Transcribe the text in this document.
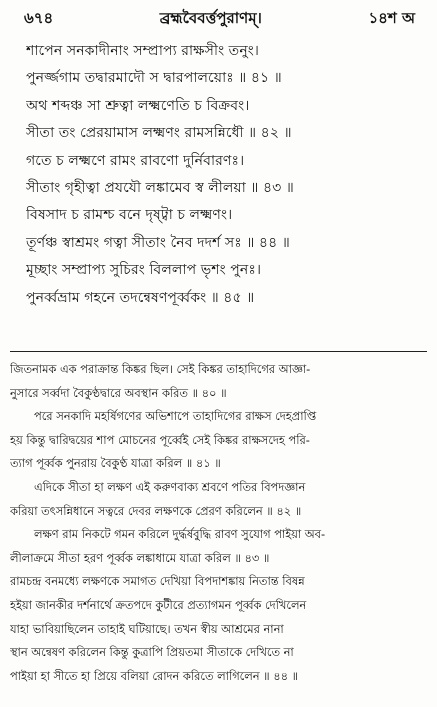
৬৭৪	ব্রহ্মবৈবর্ত্তপুরাণম্‌।	১৪শ অ
শাপেন সনকাদীনাং সম্প্রাপ্য রাক্ষসীং তনুং।
পুনর্জ্জগাম তদ্বারমাদৌ স দ্বারপালয়োঃ ॥ ৪১ ॥
অথ শব্দঞ্চ সা শ্রুত্বা লক্ষ্মণেতি চ বিক্রবং।
সীতা তং প্রেরয়ামাস লক্ষ্মণং রামসন্নিধৌ ॥ ৪২ ॥
গতে চ লক্ষ্মণে রামং রাবণো দুর্নিবারণঃ।
সীতাং গৃহীত্বা প্রযযৌ লঙ্কামেব স্ব লীলয়া ॥ ৪৩ ॥
বিষসাদ চ রামশ্চ বনে দৃষ্ট্বা চ লক্ষ্মণং।
তূর্ণঞ্চ স্বাশ্রমং গত্বা সীতাং নৈব দদর্শ সঃ ॥ ৪৪ ॥
মূচ্ছাং সম্প্রাপ্য সুচিরং বিললাপ ভৃশং পুনঃ।
পুনর্ব্বভ্রাম গহনে তদন্বেষণপূর্ব্বকং ॥ ৪৫ ॥
জিতনামক এক পরাক্রান্ত কিঙ্কর ছিল। সেই কিঙ্কর তাহাদিগের আজ্ঞা-
নুসারে সর্ব্বদা বৈকুণ্ঠদ্বারে অবস্থান করিত ॥ ৪০ ॥
পরে সনকাদি মহর্ষিগণের অভিশাপে তাহাদিগের রাক্ষস দেহপ্রাপ্তি
হয় কিন্তু দ্বারিদ্বয়ের শাপ মোচনের পূর্ব্বেই সেই কিঙ্কর রাক্ষসদেহ পরি-
ত্যাগ পূর্ব্বক পুনরায় বৈকুণ্ঠ যাত্রা করিল ॥ ৪১ ॥
এদিকে সীতা হা লক্ষণ এই করুণবাক্য শ্রবণে পতির বিপদজ্ঞান
করিয়া তৎসন্নিধানে সত্বরে দেবর লক্ষণকে প্রেরণ করিলেন ॥ ৪২ ॥
লক্ষণ রাম নিকটে গমন করিলে দুর্দ্ধর্ষবুদ্ধি রাবণ সুযোগ পাইয়া অব-
লীলাক্রমে সীতা হরণ পূর্ব্বক লঙ্কাধামে যাত্রা করিল ॥ ৪৩ ॥
রামচন্দ্র বনমধ্যে লক্ষণকে সমাগত দেখিয়া বিপদাশঙ্কায় নিতান্ত বিষন্ন
হইয়া জানকীর দর্শনার্থে ক্রতপদে কুটীরে প্রত্যাগমন পূর্ব্বক দেখিলেন
যাহা ভাবিয়াছিলেন তাহাই ঘটিয়াছে। তখন স্বীয় আশ্রমের নানা
স্থান অন্বেষণ করিলেন কিন্তু কুত্রাপি প্রিয়তমা সীতাকে দেখিতে না
পাইয়া হা সীতে হা প্রিয়ে বলিয়া রোদন করিতে লাগিলেন ॥ ৪৪ ॥
